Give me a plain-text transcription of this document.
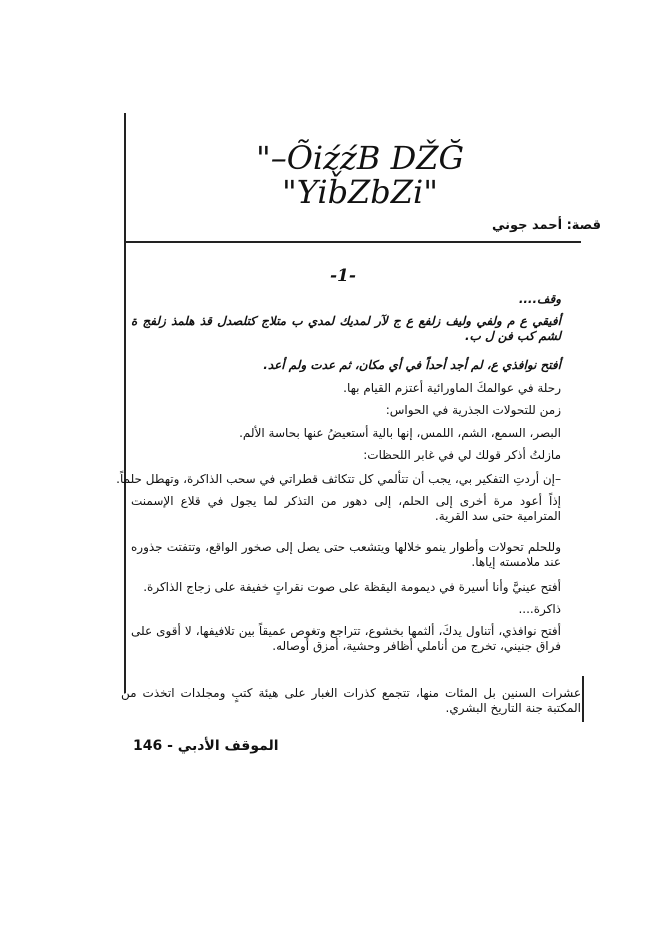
"–ÕiźźB DŽĞ
"Yib̌ZbZi"
قصة: أحمد جوني
-1-
وقف....
أفيقي ع م ولفي وليف زلفع ع ج لآر لمديك لمدي ب متلاج كتلصدل قذ هلمذ زلفج ة لشم كب فن ل ب.
أفتح نوافذي ع، لم أجد أحداً في أي مكان، ثم عدت ولم أعد.
رحلة في عوالمكَ الماورائية أعتزم القيام بها.
زمن للتحولات الجذرية في الحواس:
البصر، السمع، الشم، اللمس، إنها بالية أستعيضُ عنها بحاسة الألم.
مازلتُ أذكر قولك لي في غابر اللحظات:
–إن أردتِ التفكير بي، يجب أن تتألمي كل تتكاثف قطراتي في سحب الذاكرة، وتهطل حلماً.
إذاً أعود مرة أخرى إلى الحلم، إلى دهور من التذكر لما يجول في قلاع الإسمنت المترامية حتى سد القرية.
وللحلم تحولات وأطوار ينمو خلالها ويتشعب حتى يصل إلى صخور الواقع، وتتفتت جذوره عند ملامسته إياها.
أفتح عينيَّ وأنا أسيرة في ديمومة اليقظة على صوت نقراتٍ خفيفة على زجاج الذاكرة.
ذاكرة....
أفتح نوافذي، أتناول يدكَ، ألثمها بخشوع، تتراجع وتغوص عميقاً بين تلافيفها، لا أقوى على فراق جنيني، تخرج من أناملي أظافر وحشية، أمزق أوصاله.
عشرات السنين بل المئات منها، تتجمع كذرات الغبار على هيئة كتبٍ ومجلدات اتخذت من المكتبة جنة التاريخ البشري.
الموقف الأدبي - 146
